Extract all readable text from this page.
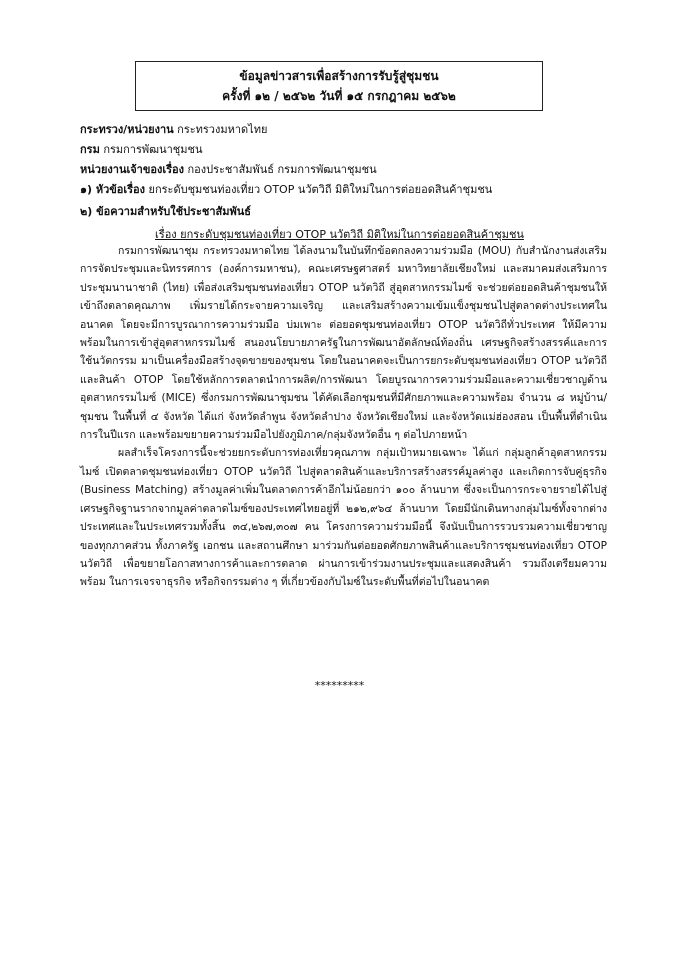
ข้อมูลข่าวสารเพื่อสร้างการรับรู้สู่ชุมชน
ครั้งที่ ๑๒ / ๒๕๖๒ วันที่ ๑๕ กรกฎาคม ๒๕๖๒
กระทรวง/หน่วยงาน กระทรวงมหาดไทย
กรม กรมการพัฒนาชุมชน
หน่วยงานเจ้าของเรื่อง กองประชาสัมพันธ์ กรมการพัฒนาชุมชน
๑) หัวข้อเรื่อง ยกระดับชุมชนท่องเที่ยว OTOP นวัตวิถี มิติใหม่ในการต่อยอดสินค้าชุมชน
๒) ข้อความสำหรับใช้ประชาสัมพันธ์
เรื่อง ยกระดับชุมชนท่องเที่ยว OTOP นวัตวิถี มิติใหม่ในการต่อยอดสินค้าชุมชน

กรมการพัฒนาชุม กระทรวงมหาดไทย ได้ลงนามในบันทึกข้อตกลงความร่วมมือ (MOU) กับสำนักงานส่งเสริมการจัดประชุมและนิทรรศการ (องค์การมหาชน), คณะเศรษฐศาสตร์ มหาวิทยาลัยเชียงใหม่ และสมาคมส่งเสริมการประชุมนานาชาติ (ไทย) เพื่อส่งเสริมชุมชนท่องเที่ยว OTOP นวัตวิถี สู่อุตสาหกรรมไมซ์ จะช่วยต่อยอดสินค้าชุมชนให้เข้าถึงตลาดคุณภาพ เพิ่มรายได้กระจายความเจริญ และเสริมสร้างความเข้มแข็งชุมชนไปสู่ตลาดต่างประเทศในอนาคต โดยจะมีการบูรณาการความร่วมมือ บ่มเพาะ ต่อยอดชุมชนท่องเที่ยว OTOP นวัตวิถีทั่วประเทศ ให้มีความพร้อมในการเข้าสู่อุตสาหกรรมไมซ์ สนองนโยบายภาครัฐในการพัฒนาอัตลักษณ์ท้องถิ่น เศรษฐกิจสร้างสรรค์และการใช้นวัตกรรม มาเป็นเครื่องมือสร้างจุดขายของชุมชน โดยในอนาคตจะเป็นการยกระดับชุมชนท่องเที่ยว OTOP นวัตวิถี และสินค้า OTOP โดยใช้หลักการตลาดนำการผลิต/การพัฒนา โดยบูรณาการความร่วมมือและความเชี่ยวชาญด้านอุตสาหกรรมไมซ์ (MICE) ซึ่งกรมการพัฒนาชุมชน ได้คัดเลือกชุมชนที่มีศักยภาพและความพร้อม จำนวน ๘ หมู่บ้าน/ชุมชน ในพื้นที่ ๔ จังหวัด ได้แก่ จังหวัดลำพูน จังหวัดลำปาง จังหวัดเชียงใหม่ และจังหวัดแม่ฮ่องสอน เป็นพื้นที่ดำเนินการในปีแรก และพร้อมขยายความร่วมมือไปยังภูมิภาค/กลุ่มจังหวัดอื่น ๆ ต่อไปภายหน้า

ผลสำเร็จโครงการนี้จะช่วยยกระดับการท่องเที่ยวคุณภาพ กลุ่มเป้าหมายเฉพาะ ได้แก่ กลุ่มลูกค้าอุตสาหกรรมไมซ์ เปิดตลาดชุมชนท่องเที่ยว OTOP นวัตวิถี ไปสู่ตลาดสินค้าและบริการสร้างสรรค์มูลค่าสูง และเกิดการจับคู่ธุรกิจ (Business Matching) สร้างมูลค่าเพิ่มในตลาดการค้าอีกไม่น้อยกว่า ๑๐๐ ล้านบาท ซึ่งจะเป็นการกระจายรายได้ไปสู่เศรษฐกิจฐานรากจากมูลค่าตลาดไมซ์ของประเทศไทยอยู่ที่ ๒๑๒,๙๖๔ ล้านบาท โดยมีนักเดินทางกลุ่มไมซ์ทั้งจากต่างประเทศและในประเทศรวมทั้งสิ้น ๓๔,๒๖๗,๓๐๗ คน โครงการความร่วมมือนี้ จึงนับเป็นการรวบรวมความเชี่ยวชาญของทุกภาคส่วน ทั้งภาครัฐ เอกชน และสถานศึกษา มาร่วมกันต่อยอดศักยภาพสินค้าและบริการชุมชนท่องเที่ยว OTOP นวัตวิถี เพื่อขยายโอกาสทางการค้าและการตลาด ผ่านการเข้าร่วมงานประชุมและแสดงสินค้า รวมถึงเตรียมความพร้อม ในการเจรจาธุรกิจ หรือกิจกรรมต่าง ๆ ที่เกี่ยวข้องกับไมซ์ในระดับพื้นที่ต่อไปในอนาคต

*********
